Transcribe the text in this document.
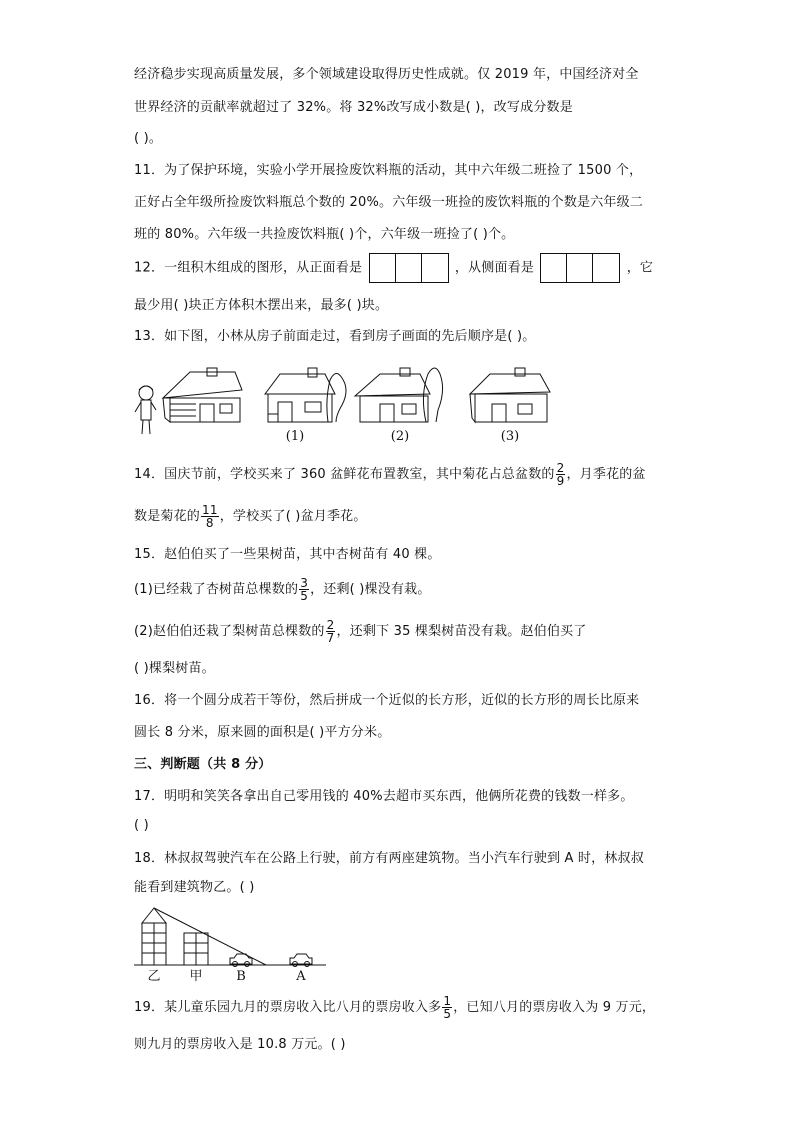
经济稳步实现高质量发展，多个领域建设取得历史性成就。仅 2019 年，中国经济对全
世界经济的贡献率就超过了 32%。将 32%改写成小数是( )，改写成分数是
( )。
11．为了保护环境，实验小学开展捡废饮料瓶的活动，其中六年级二班捡了 1500 个，
正好占全年级所捡废饮料瓶总个数的 20%。六年级一班捡的废饮料瓶的个数是六年级二
班的 80%。六年级一共捡废饮料瓶( )个，六年级一班捡了( )个。
12．一组积木组成的图形，从正面看是	，从侧面看是	，它
最少用( )块正方体积木摆出来，最多( )块。
13．如下图，小林从房子前面走过，看到房子画面的先后顺序是( )。
(1)	(2)	(3)
14．国庆节前，学校买来了 360 盆鲜花布置教室，其中菊花占总盆数的 $\frac{2}{9}$ ，月季花的盆
数是菊花的 $\frac{11}{8}$ ，学校买了( )盆月季花。
15．赵伯伯买了一些果树苗，其中杏树苗有 40 棵。
(1)已经栽了杏树苗总棵数的 $\frac{3}{5}$ ，还剩( )棵没有栽。
(2)赵伯伯还栽了梨树苗总棵数的 $\frac{2}{7}$ ，还剩下 35 棵梨树苗没有栽。赵伯伯买了
( )棵梨树苗。
16．将一个圆分成若干等份，然后拼成一个近似的长方形，近似的长方形的周长比原来
圆长 8 分米，原来圆的面积是( )平方分米。
三、判断题（共 8 分）
17．明明和笑笑各拿出自己零用钱的 40%去超市买东西，他俩所花费的钱数一样多。
( )
18．林叔叔驾驶汽车在公路上行驶，前方有两座建筑物。当小汽车行驶到 A 时，林叔叔
能看到建筑物乙。( )
乙 甲	B	A
19．某儿童乐园九月的票房收入比八月的票房收入多 $\frac{1}{5}$ ，已知八月的票房收入为 9 万元，
则九月的票房收入是 10.8 万元。( )
